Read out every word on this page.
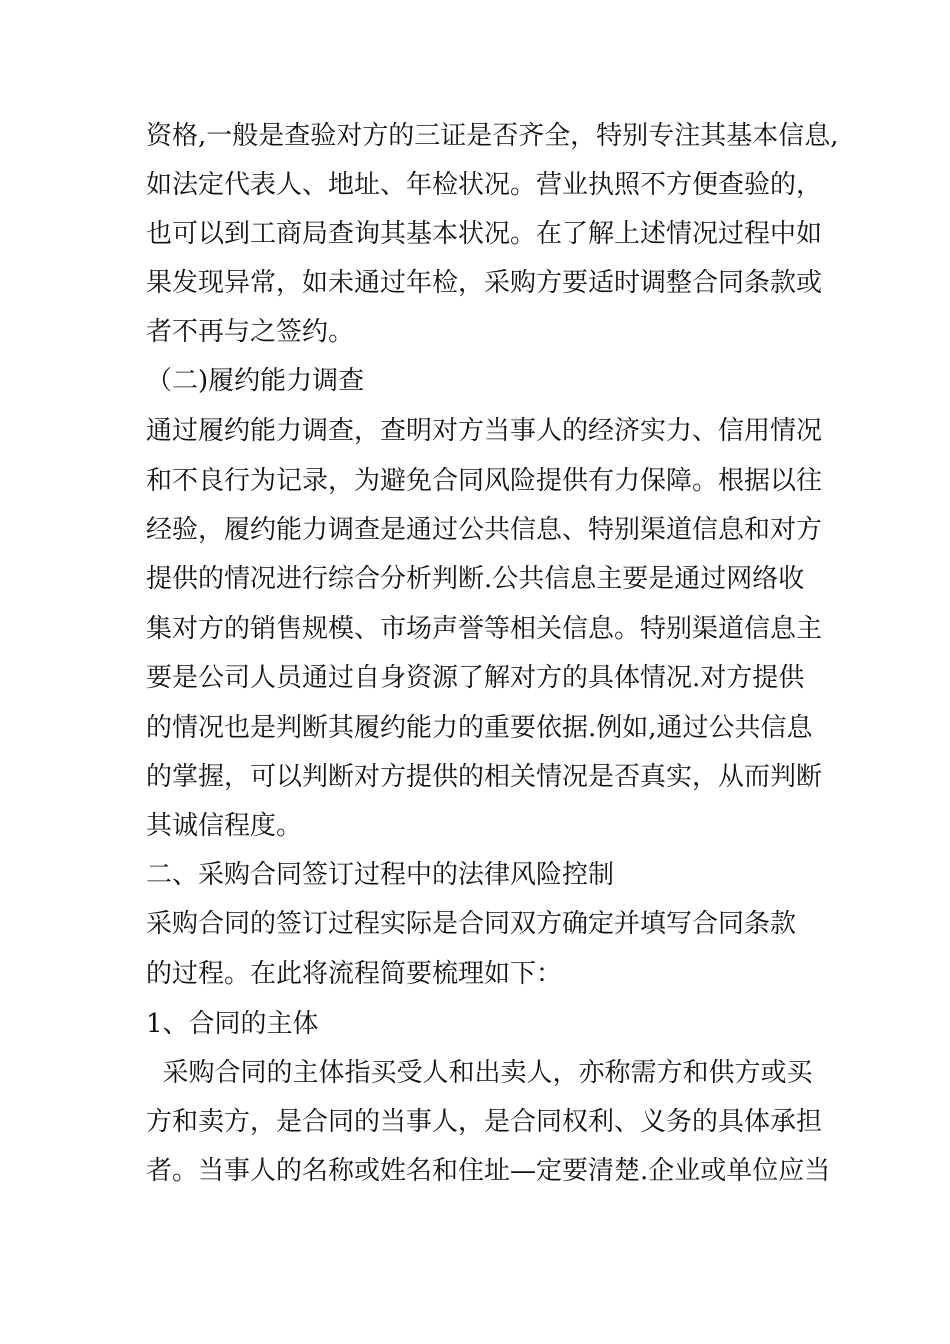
资格,一般是查验对方的三证是否齐全，特别专注其基本信息,
如法定代表人、地址、年检状况。营业执照不方便查验的，
也可以到工商局查询其基本状况。在了解上述情况过程中如
果发现异常，如未通过年检，采购方要适时调整合同条款或
者不再与之签约。
（二)履约能力调查
通过履约能力调查，查明对方当事人的经济实力、信用情况
和不良行为记录，为避免合同风险提供有力保障。根据以往
经验，履约能力调查是通过公共信息、特别渠道信息和对方
提供的情况进行综合分析判断.公共信息主要是通过网络收
集对方的销售规模、市场声誉等相关信息。特别渠道信息主
要是公司人员通过自身资源了解对方的具体情况.对方提供
的情况也是判断其履约能力的重要依据.例如,通过公共信息
的掌握，可以判断对方提供的相关情况是否真实，从而判断
其诚信程度。
二、采购合同签订过程中的法律风险控制
采购合同的签订过程实际是合同双方确定并填写合同条款
的过程。在此将流程简要梳理如下：
1、合同的主体
采购合同的主体指买受人和出卖人，亦称需方和供方或买
方和卖方，是合同的当事人，是合同权利、义务的具体承担
者。当事人的名称或姓名和住址—定要清楚.企业或单位应当
